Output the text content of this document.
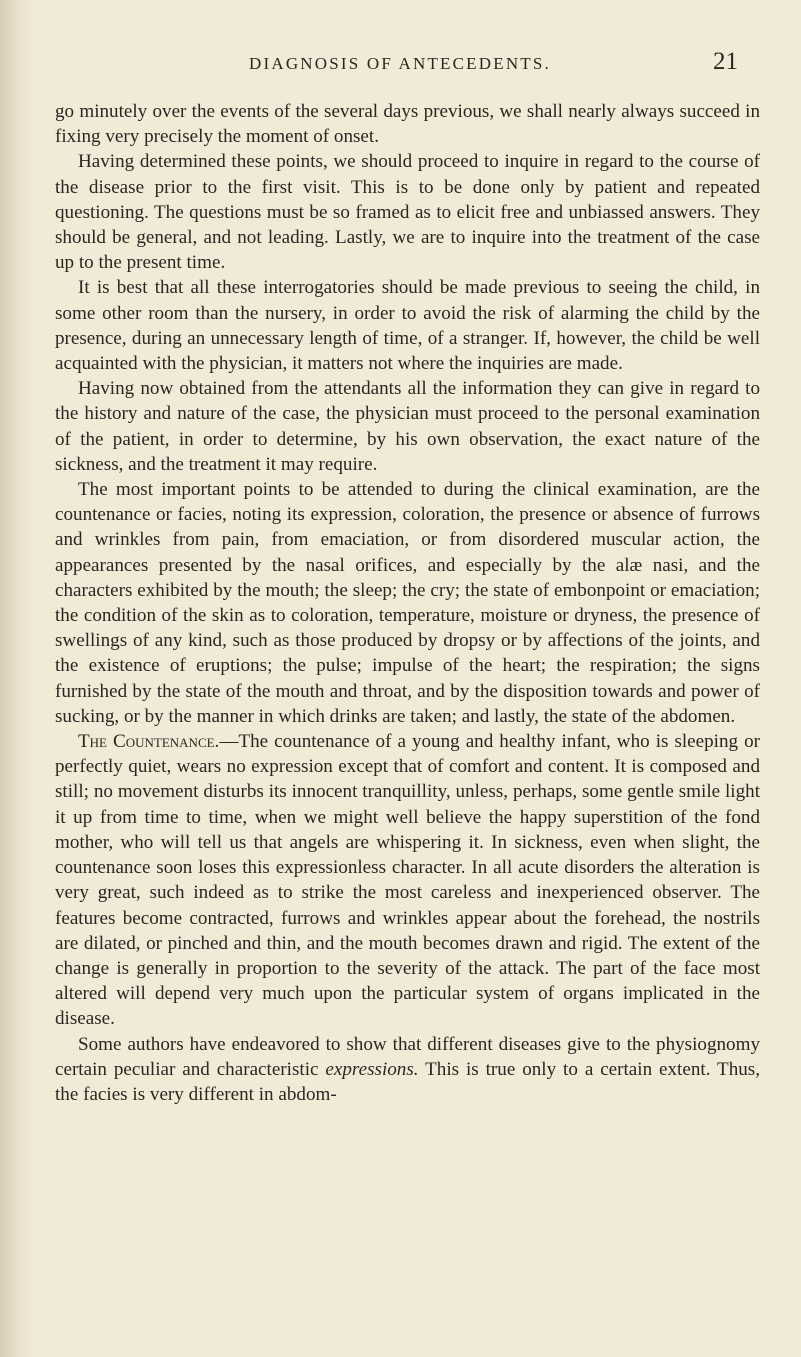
DIAGNOSIS OF ANTECEDENTS.	21

go minutely over the events of the several days previous, we shall nearly always succeed in fixing very precisely the moment of onset.

Having determined these points, we should proceed to inquire in regard to the course of the disease prior to the first visit. This is to be done only by patient and repeated questioning. The questions must be so framed as to elicit free and unbiassed answers. They should be general, and not leading. Lastly, we are to inquire into the treatment of the case up to the present time.

It is best that all these interrogatories should be made previous to seeing the child, in some other room than the nursery, in order to avoid the risk of alarming the child by the presence, during an unnecessary length of time, of a stranger. If, however, the child be well acquainted with the physician, it matters not where the inquiries are made.

Having now obtained from the attendants all the information they can give in regard to the history and nature of the case, the physician must proceed to the personal examination of the patient, in order to determine, by his own observation, the exact nature of the sickness, and the treatment it may require.

The most important points to be attended to during the clinical examination, are the countenance or facies, noting its expression, coloration, the presence or absence of furrows and wrinkles from pain, from emaciation, or from disordered muscular action, the appearances presented by the nasal orifices, and especially by the alæ nasi, and the characters exhibited by the mouth; the sleep; the cry; the state of embonpoint or emaciation; the condition of the skin as to coloration, temperature, moisture or dryness, the presence of swellings of any kind, such as those produced by dropsy or by affections of the joints, and the existence of eruptions; the pulse; impulse of the heart; the respiration; the signs furnished by the state of the mouth and throat, and by the disposition towards and power of sucking, or by the manner in which drinks are taken; and lastly, the state of the abdomen.

The Countenance.—The countenance of a young and healthy infant, who is sleeping or perfectly quiet, wears no expression except that of comfort and content. It is composed and still; no movement disturbs its innocent tranquillity, unless, perhaps, some gentle smile light it up from time to time, when we might well believe the happy superstition of the fond mother, who will tell us that angels are whispering it. In sickness, even when slight, the countenance soon loses this expressionless character. In all acute disorders the alteration is very great, such indeed as to strike the most careless and inexperienced observer. The features become contracted, furrows and wrinkles appear about the forehead, the nostrils are dilated, or pinched and thin, and the mouth becomes drawn and rigid. The extent of the change is generally in proportion to the severity of the attack. The part of the face most altered will depend very much upon the particular system of organs implicated in the disease.

Some authors have endeavored to show that different diseases give to the physiognomy certain peculiar and characteristic expressions. This is true only to a certain extent. Thus, the facies is very different in abdom-
